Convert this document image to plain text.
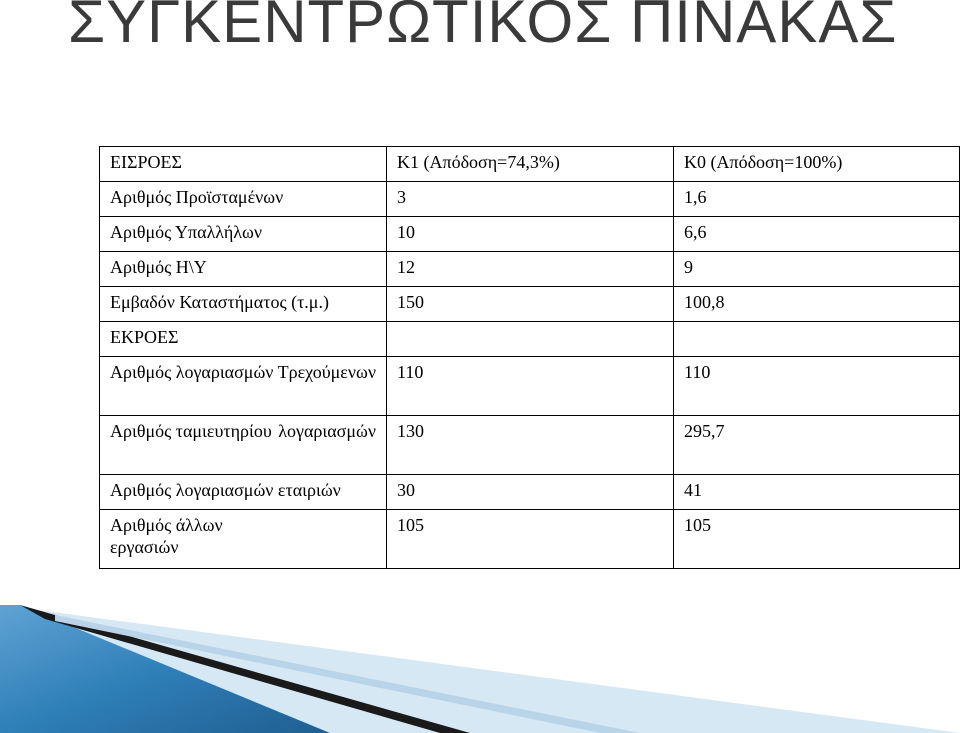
ΣΥΓΚΕΝΤΡΩΤΙΚΟΣ ΠΙΝΑΚΑΣ
ΕΙΣΡΟΕΣ	Κ1 (Απόδοση=74,3%)	Κ0 (Απόδοση=100%)
Αριθμός Προϊσταμένων	3	1,6
Αριθμός Υπαλλήλων	10	6,6
Αριθμός Η\Υ	12	9
Εμβαδόν Καταστήματος (τ.μ.)	150	100,8
ΕΚΡΟΕΣ		

Αριθμός λογαριασμών Τρεχούμενων	110	110

Αριθμός ταμιευτηρίου λογαριασμών	130	295,7
Αριθμός λογαριασμών εταιριών	30	41

Αριθμός άλλων εργασιών	105	105
